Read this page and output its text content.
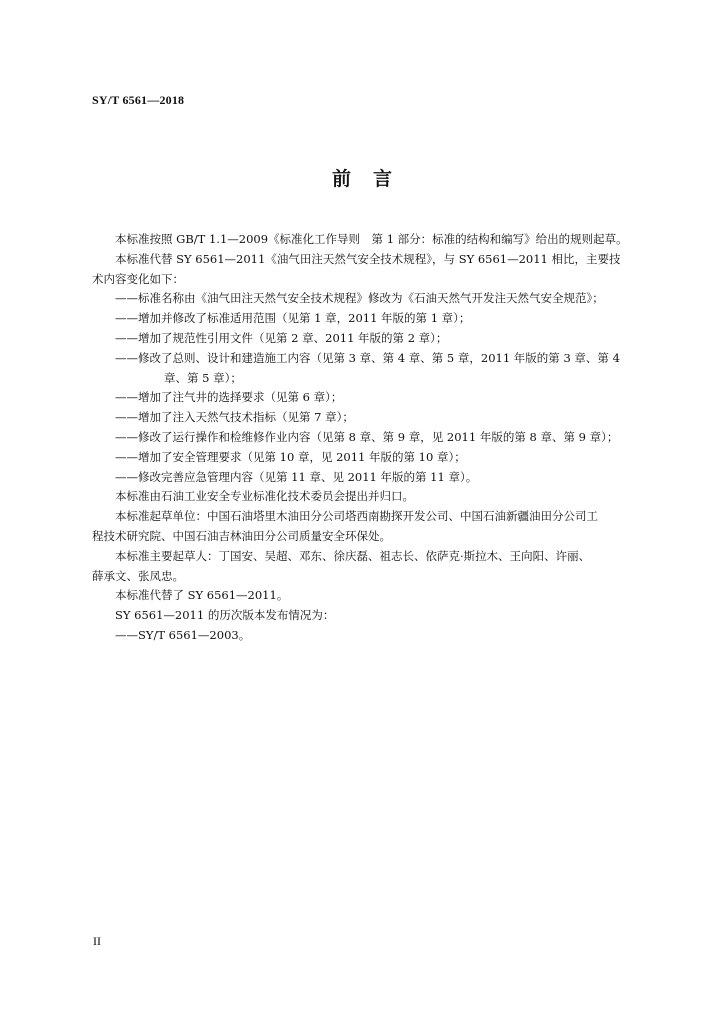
SY/T 6561—2018
前言

本标准按照 GB/T 1.1—2009《标准化工作导则　第 1 部分：标准的结构和编写》给出的规则起草。

本标准代替 SY 6561—2011《油气田注天然气安全技术规程》，与 SY 6561—2011 相比，主要技

术内容变化如下：

——标准名称由《油气田注天然气安全技术规程》修改为《石油天然气开发注天然气安全规范》；

——增加并修改了标准适用范围（见第 1 章，2011 年版的第 1 章）；

——增加了规范性引用文件（见第 2 章、2011 年版的第 2 章）；

——修改了总则、设计和建造施工内容（见第 3 章、第 4 章、第 5 章，2011 年版的第 3 章、第 4

章、第 5 章）；

——增加了注气井的选择要求（见第 6 章）；

——增加了注入天然气技术指标（见第 7 章）；

——修改了运行操作和检维修作业内容（见第 8 章、第 9 章，见 2011 年版的第 8 章、第 9 章）；

——增加了安全管理要求（见第 10 章，见 2011 年版的第 10 章）；

——修改完善应急管理内容（见第 11 章、见 2011 年版的第 11 章）。

本标准由石油工业安全专业标准化技术委员会提出并归口。

本标准起草单位：中国石油塔里木油田分公司塔西南勘探开发公司、中国石油新疆油田分公司工

程技术研究院、中国石油吉林油田分公司质量安全环保处。

本标准主要起草人：丁国安、吴超、邓东、徐庆磊、祖志长、依萨克·斯拉木、王向阳、许丽、

薛承文、张凤忠。

本标准代替了 SY 6561—2011。

SY 6561—2011 的历次版本发布情况为：

——SY/T 6561—2003。

II
